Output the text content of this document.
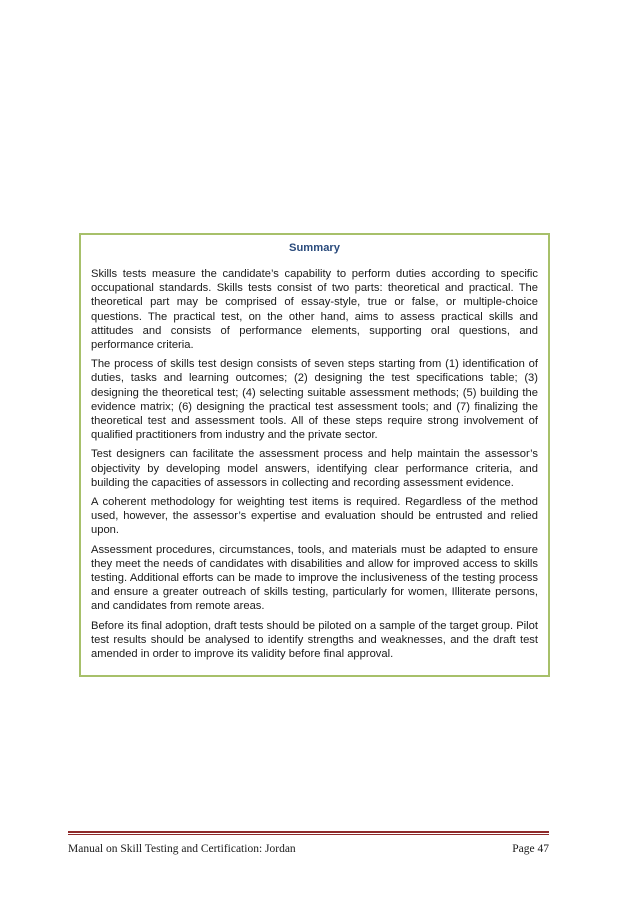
Summary

Skills tests measure the candidate’s capability to perform duties according to specific occupational standards. Skills tests consist of two parts: theoretical and practical. The theoretical part may be comprised of essay-style, true or false, or multiple-choice questions. The practical test, on the other hand, aims to assess practical skills and attitudes and consists of performance elements, supporting oral questions, and performance criteria.

The process of skills test design consists of seven steps starting from (1) identification of duties, tasks and learning outcomes; (2) designing the test specifications table; (3) designing the theoretical test; (4) selecting suitable assessment methods; (5) building the evidence matrix; (6) designing the practical test assessment tools; and (7) finalizing the theoretical test and assessment tools. All of these steps require strong involvement of qualified practitioners from industry and the private sector.

Test designers can facilitate the assessment process and help maintain the assessor’s objectivity by developing model answers, identifying clear performance criteria, and building the capacities of assessors in collecting and recording assessment evidence.

A coherent methodology for weighting test items is required. Regardless of the method used, however, the assessor’s expertise and evaluation should be entrusted and relied upon.

Assessment procedures, circumstances, tools, and materials must be adapted to ensure they meet the needs of candidates with disabilities and allow for improved access to skills testing. Additional efforts can be made to improve the inclusiveness of the testing process and ensure a greater outreach of skills testing, particularly for women, Illiterate persons, and candidates from remote areas.

Before its final adoption, draft tests should be piloted on a sample of the target group. Pilot test results should be analysed to identify strengths and weaknesses, and the draft test amended in order to improve its validity before final approval.

Manual on Skill Testing and Certification: Jordan	Page 47
